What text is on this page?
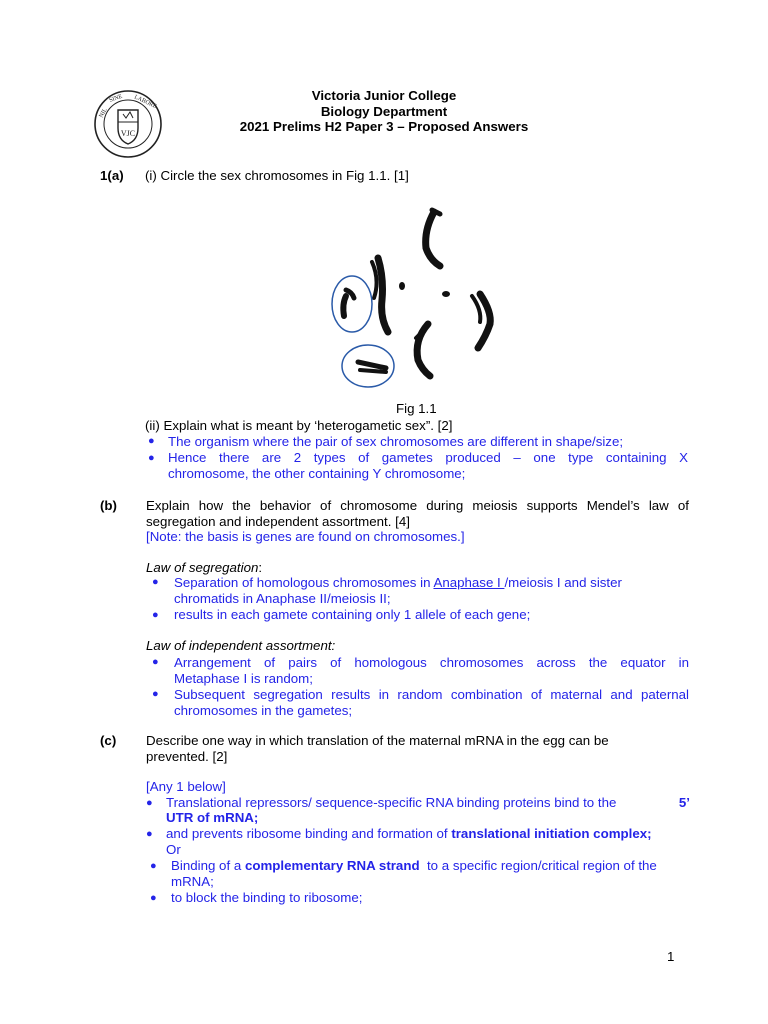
VJC
NIL
SINE LABORE	Victoria Junior College
Biology Department
2021 Prelims H2 Paper 3 – Proposed Answers
1(a) (i) Circle the sex chromosomes in Fig 1.1. [1]
Fig 1.1
(ii) Explain what is meant by ‘heterogametic sex”. [2]
● The organism where the pair of sex chromosomes are different in shape/size;
● Hence there are 2 types of gametes produced – one type containing X
chromosome, the other containing Y chromosome;
(b) Explain how the behavior of chromosome during meiosis supports Mendel’s law of
segregation and independent assortment. [4]
[Note: the basis is genes are found on chromosomes.]
Law of segregation:
● Separation of homologous chromosomes in Anaphase I /meiosis I and sister
chromatids in Anaphase II/meiosis II;
● results in each gamete containing only 1 allele of each gene;
Law of independent assortment:
● Arrangement of pairs of homologous chromosomes across the equator in
Metaphase I is random;
● Subsequent segregation results in random combination of maternal and paternal
chromosomes in the gametes;
(c) Describe one way in which translation of the maternal mRNA in the egg can be
prevented. [2]
[Any 1 below]
● Translational repressors/ sequence-specific RNA binding proteins bind to the	5’
UTR of mRNA;
● and prevents ribosome binding and formation of translational initiation complex;
Or
● Binding of a complementary RNA strand  to a specific region/critical region of the
mRNA;
● to block the binding to ribosome;
1
